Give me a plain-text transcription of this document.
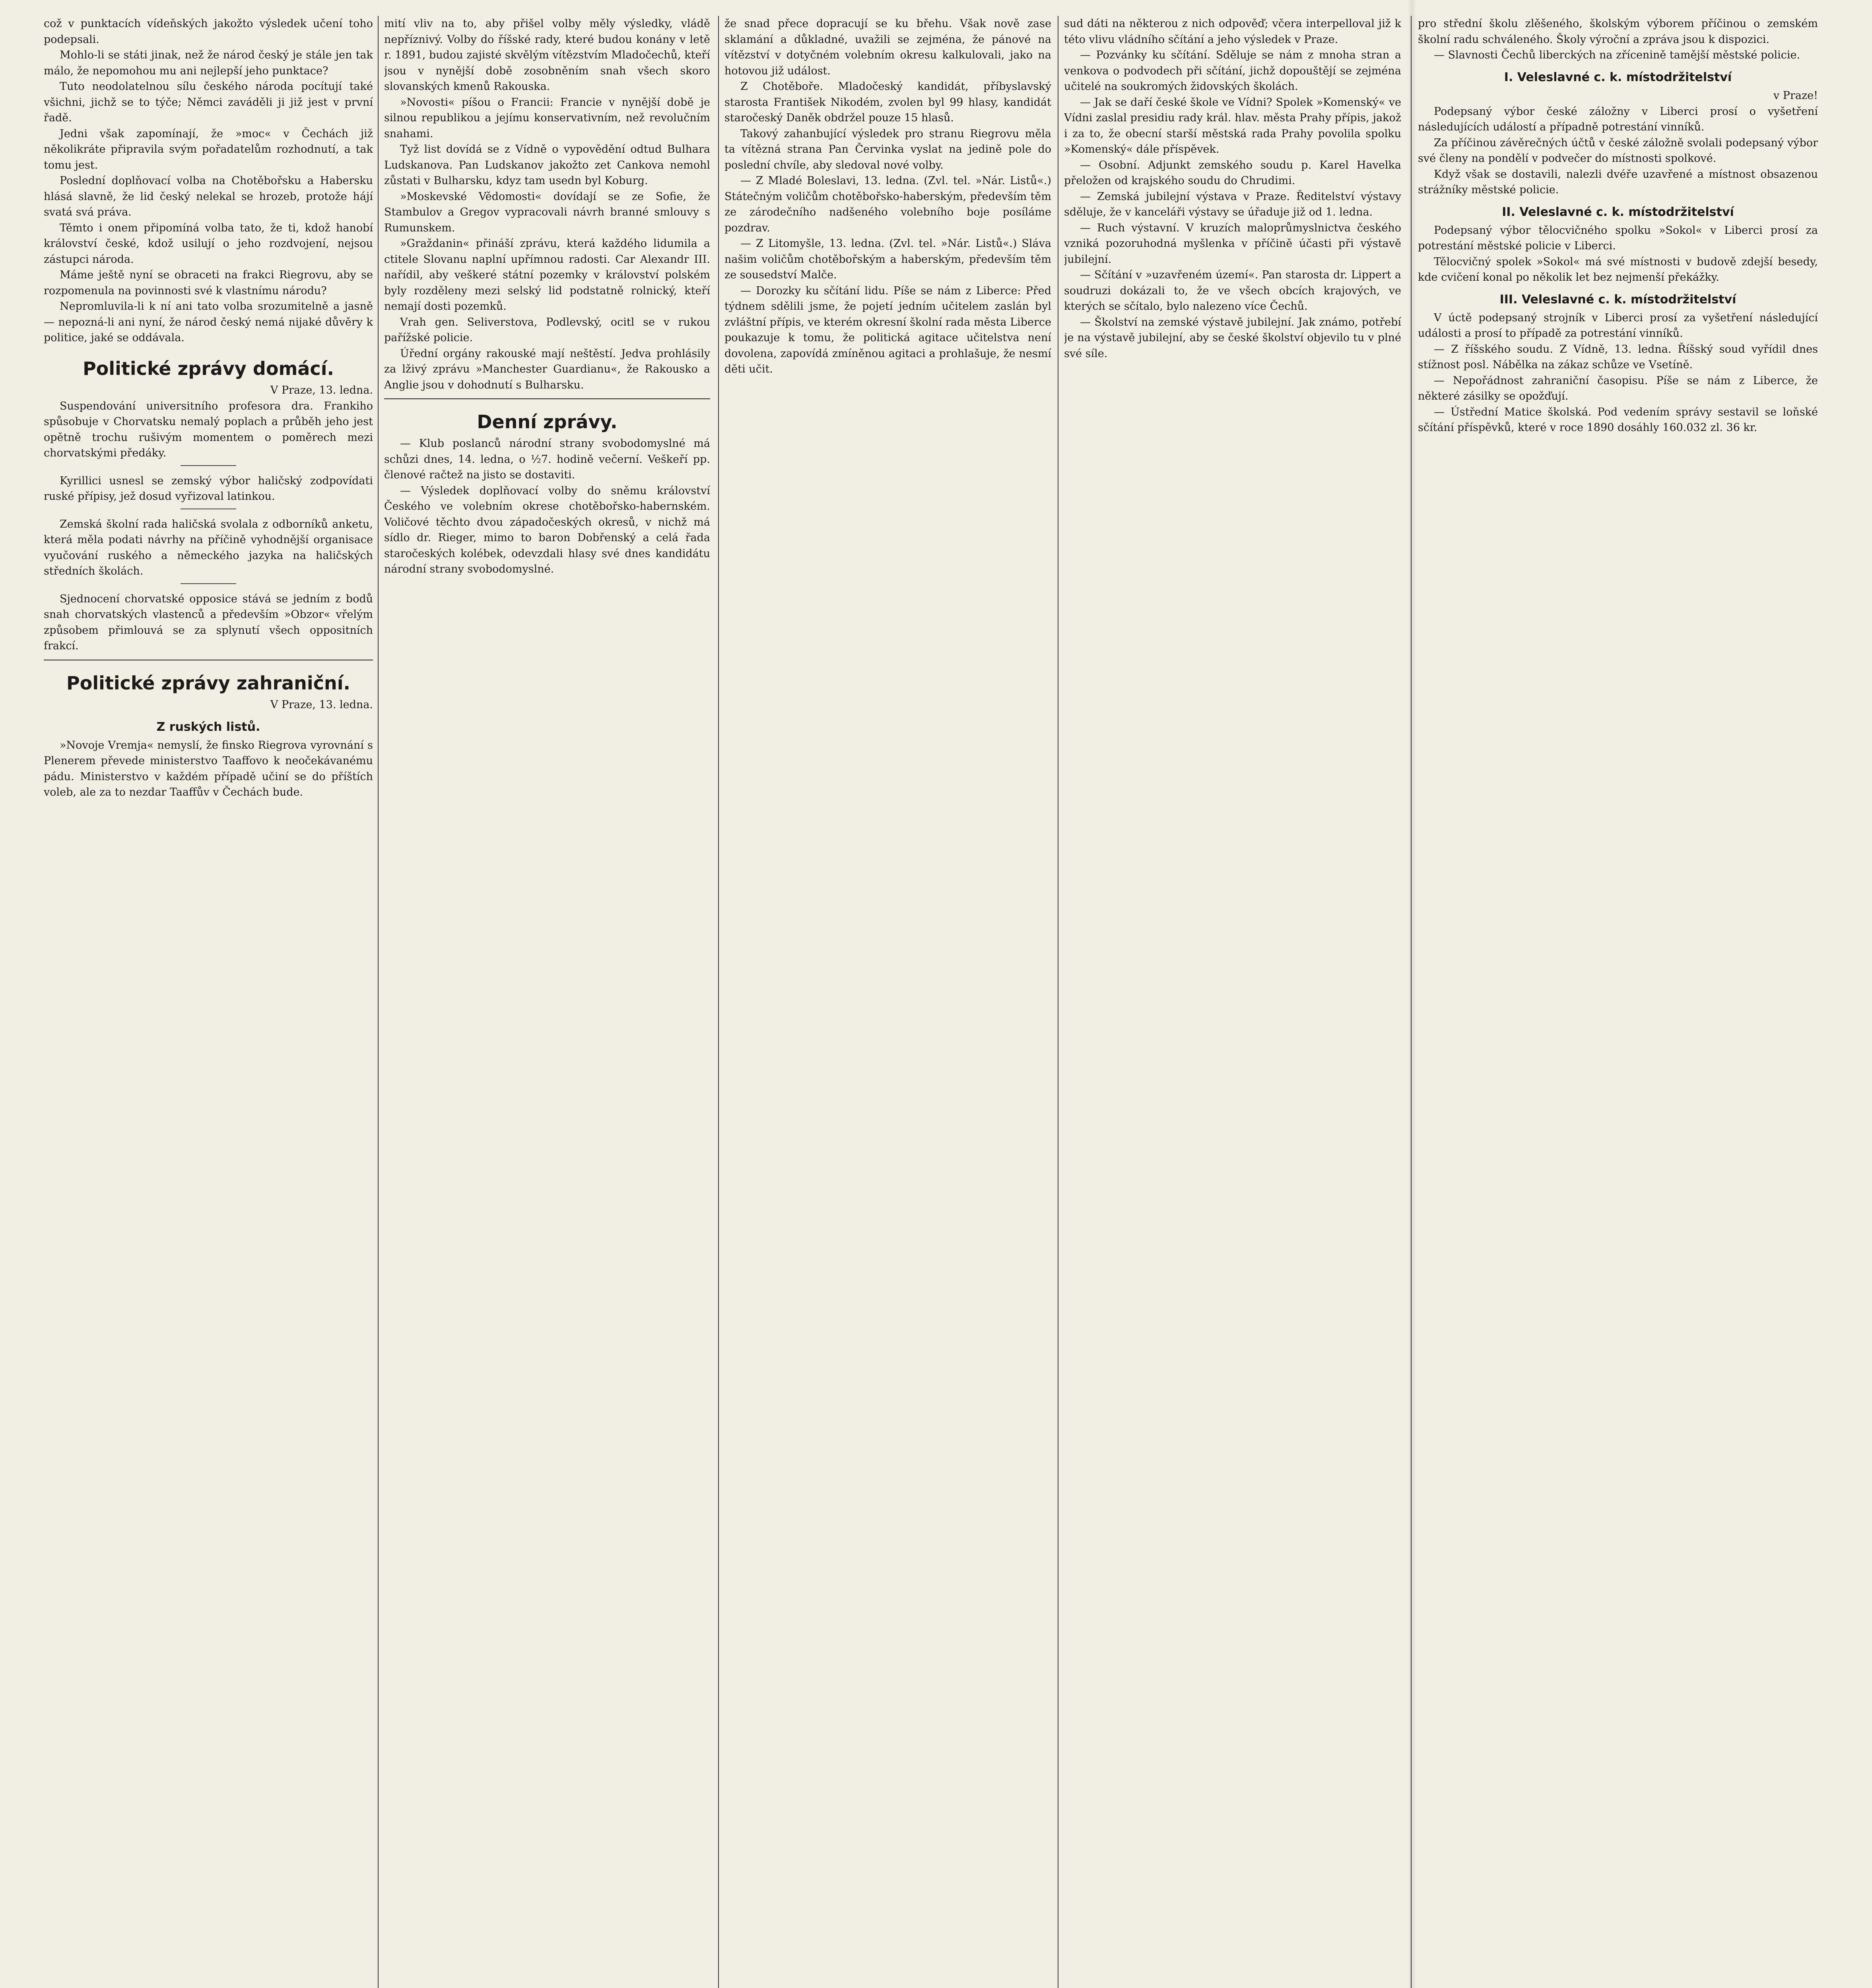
což v punktacích vídeňských jakožto výsledek učení toho podepsali.

Mohlo-li se státi jinak, než že národ český je stále jen tak málo, že nepomohou mu ani nejlepší jeho punktace?

Tuto neodolatelnou sílu českého národa pocítují také všichni, jichž se to týče; Němci zaváděli ji již jest v první řadě.

Jedni však zapomínají, že »moc« v Čechách již několikráte připravila svým pořadatelům rozhodnutí, a tak tomu jest.

Poslední doplňovací volba na Chotěbořsku a Habersku hlásá slavně, že lid český nelekal se hrozeb, protože hájí svatá svá práva.

Těmto i onem připomíná volba tato, že ti, kdož hanobí království české, kdož usilují o jeho rozdvojení, nejsou zástupci národa.

Máme ještě nyní se obraceti na frakci Riegrovu, aby se rozpomenula na povinnosti své k vlastnímu národu?

Nepromluvila-li k ní ani tato volba srozumitelně a jasně — nepozná-li ani nyní, že národ český nemá nijaké důvěry k politice, jaké se oddávala.

Politické zprávy domácí.

V Praze, 13. ledna.

Suspendování universitního profesora dra. Frankiho spůsobuje v Chorvatsku nemalý poplach a průběh jeho jest opětně trochu rušivým momentem o poměrech mezi chorvatskými předáky.

Kyrillici usnesl se zemský výbor haličský zodpovídati ruské přípisy, jež dosud vyřizoval latinkou.

Zemská školní rada haličská svolala z odborníků anketu, která měla podati návrhy na příčině vyhodnější organisace vyučování ruského a německého jazyka na haličských středních školách.

Sjednocení chorvatské opposice stává se jedním z bodů snah chorvatských vlastenců a především »Obzor« vřelým způsobem přimlouvá se za splynutí všech oppositních frakcí.

Politické zprávy zahraniční.

V Praze, 13. ledna.

Z ruských listů.

»Novoje Vremja« nemyslí, že finsko Riegrova vyrovnání s Plenerem převede ministerstvo Taaffovo k neočekávanému pádu. Ministerstvo v každém případě učiní se do příštích voleb, ale za to nezdar Taaffův v Čechách bude.

mití vliv na to, aby přišel volby měly výsledky, vládě nepříznivý. Volby do říšské rady, které budou konány v letě r. 1891, budou zajisté skvělým vítězstvím Mladočechů, kteří jsou v nynější době zosobněním snah všech skoro slovanských kmenů Rakouska.

»Novosti« píšou o Francii: Francie v nynější době je silnou republikou a jejímu konservativním, než revolučním snahami.

Tyž list dovídá se z Vídně o vypovědění odtud Bulhara Ludskanova. Pan Ludskanov jakožto zet Cankova nemohl zůstati v Bulharsku, kdyz tam usedn byl Koburg.

»Moskevské Vědomosti« dovídají se ze Sofie, že Stambulov a Gregov vypracovali návrh branné smlouvy s Rumunskem.

»Graždanin« přináší zprávu, která každého lidumila a ctitele Slovanu naplní upřímnou radosti. Car Alexandr III. nařídil, aby veškeré státní pozemky v království polském byly rozděleny mezi selský lid podstatně rolnický, kteří nemají dosti pozemků.

Vrah gen. Seliverstova, Podlevský, ocitl se v rukou pařížské policie.

Úřední orgány rakouské mají neštěstí. Jedva prohlásily za lživý zprávu »Manchester Guardianu«, že Rakousko a Anglie jsou v dohodnutí s Bulharsku.

Denní zprávy.

— Klub poslanců národní strany svobodomyslné má schůzi dnes, 14. ledna, o ½7. hodině večerní. Veškeří pp. členové račtež na jisto se dostaviti.

— Výsledek doplňovací volby do sněmu království Českého ve volebním okrese chotěbořsko-habernském. Voličové těchto dvou západočeských okresů, v nichž má sídlo dr. Rieger, mimo to baron Dobřenský a celá řada staročeských kolébek, odevzdali hlasy své dnes kandidátu národní strany svobodomyslné.

že snad přece dopracují se ku břehu. Však nově zase sklamání a důkladné, uvažili se zejména, že pánové na vítězství v dotyčném volebním okresu kalkulovali, jako na hotovou již událost.

Z Chotěboře. Mladočeský kandidát, příbyslavský starosta František Nikodém, zvolen byl 99 hlasy, kandidát staročeský Daněk obdržel pouze 15 hlasů.

Takový zahanbující výsledek pro stranu Riegrovu měla ta vítězná strana Pan Červinka vyslat na jedině pole do poslední chvíle, aby sledoval nové volby.

— Z Mladé Boleslavi, 13. ledna. (Zvl. tel. »Nár. Listů«.) Státečným voličům chotěbořsko-haberským, především těm ze zárodečního nadšeného volebního boje posíláme pozdrav.

— Z Litomyšle, 13. ledna. (Zvl. tel. »Nár. Listů«.) Sláva našim voličům chotěbořským a haberským, především těm ze sousedství Malče.

— Dorozky ku sčítání lidu. Píše se nám z Liberce: Před týdnem sdělili jsme, že pojetí jedním učitelem zaslán byl zvláštní přípis, ve kterém okresní školní rada města Liberce poukazuje k tomu, že politická agitace učitelstva není dovolena, zapovídá zmíněnou agitaci a prohlašuje, že nesmí děti učit.

sud dáti na některou z nich odpověď; včera interpelloval již k této vlivu vládního sčítání a jeho výsledek v Praze.

— Pozvánky ku sčítání. Sděluje se nám z mnoha stran a venkova o podvodech při sčítání, jichž dopouštějí se zejména učitelé na soukromých židovských školách.

— Jak se daří české škole ve Vídni? Spolek »Komenský« ve Vídni zaslal presidiu rady král. hlav. města Prahy přípis, jakož i za to, že obecní starší městská rada Prahy povolila spolku »Komenský« dále příspěvek.

— Osobní. Adjunkt zemského soudu p. Karel Havelka přeložen od krajského soudu do Chrudimi.

— Zemská jubilejní výstava v Praze. Ředitelství výstavy sděluje, že v kanceláři výstavy se úřaduje již od 1. ledna.

— Ruch výstavní. V kruzích maloprůmyslnictva českého vzniká pozoruhodná myšlenka v příčině účasti při výstavě jubilejní.

— Sčítání v »uzavřeném území«. Pan starosta dr. Lippert a soudruzi dokázali to, že ve všech obcích krajových, ve kterých se sčítalo, bylo nalezeno více Čechů.

— Školství na zemské výstavě jubilejní. Jak známo, potřebí je na výstavě jubilejní, aby se české školství objevilo tu v plné své síle.

pro střední školu zlěšeného, školským výborem příčinou o zemském školní radu schváleného. Školy výroční a zpráva jsou k dispozici.

— Slavnosti Čechů liberckých na zřícenině tamější městské policie.

I. Veleslavné c. k. místodržitelství

v Praze!

Podepsaný výbor české záložny v Liberci prosí o vyšetření následujících událostí a případně potrestání vinníků.

Za příčinou závěrečných účtů v české záložně svolali podepsaný výbor své členy na pondělí v podvečer do místnosti spolkové.

Když však se dostavili, nalezli dvéře uzavřené a místnost obsazenou strážníky městské policie.

II. Veleslavné c. k. místodržitelství

Podepsaný výbor tělocvičného spolku »Sokol« v Liberci prosí za potrestání městské policie v Liberci.

Tělocvičný spolek »Sokol« má své místnosti v budově zdejší besedy, kde cvičení konal po několik let bez nejmenší překážky.

III. Veleslavné c. k. místodržitelství

V úctě podepsaný strojník v Liberci prosí za vyšetření následující události a prosí to případě za potrestání vinníků.

— Z říšského soudu. Z Vídně, 13. ledna. Říšský soud vyřídil dnes stížnost posl. Nábělka na zákaz schůze ve Vsetíně.

— Nepořádnost zahraniční časopisu. Píše se nám z Liberce, že některé zásilky se opožďují.

— Ústřední Matice školská. Pod vedením správy sestavil se loňské sčítání příspěvků, které v roce 1890 dosáhly 160.032 zl. 36 kr.
